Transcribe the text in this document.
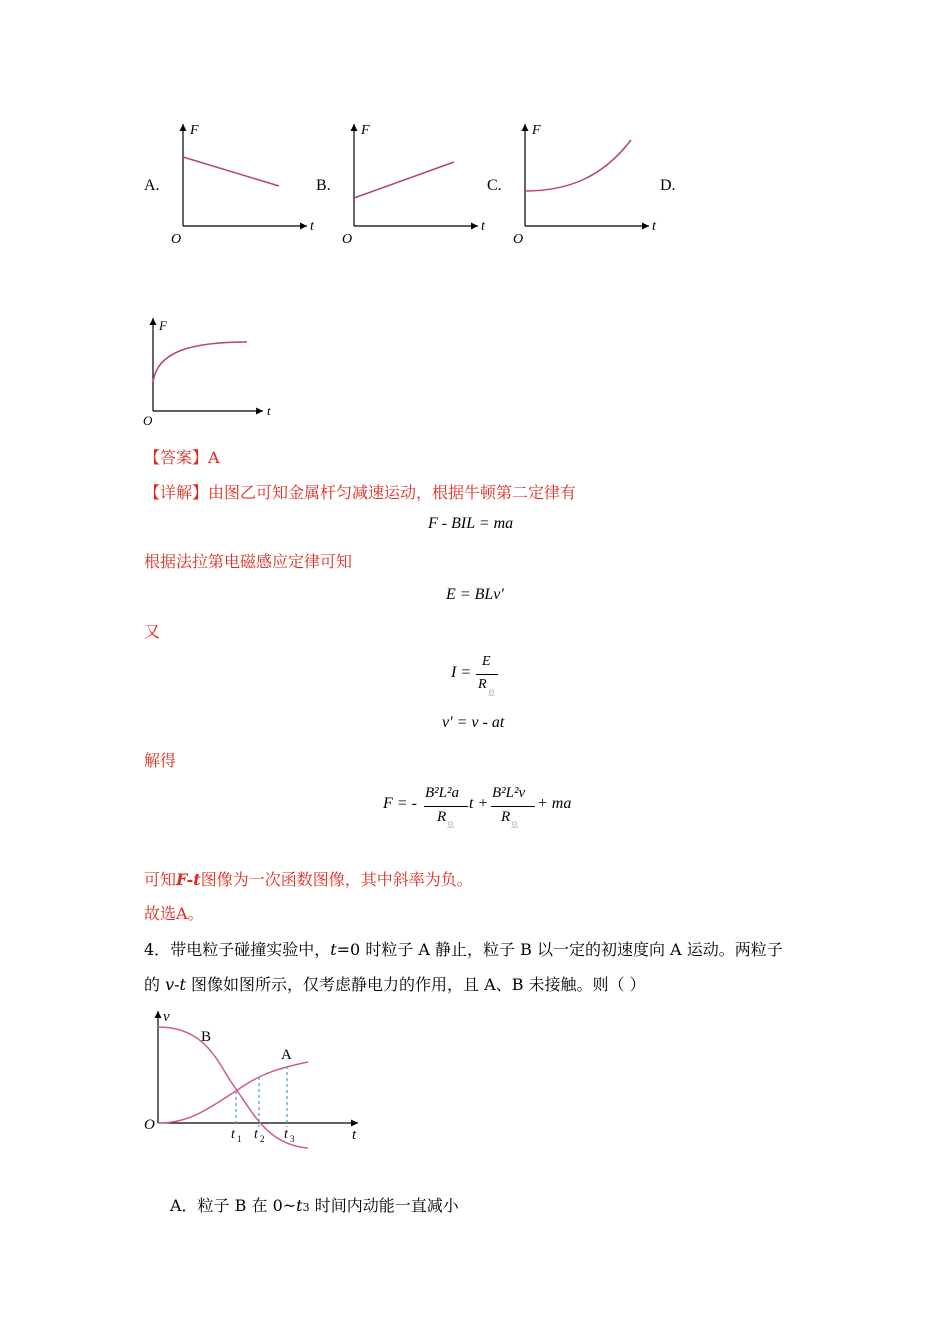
A.	B.	C.	D.
F
t
O
F
t
O
F
t
O
F
t
O
【答案】A
【详解】由图乙可知金属杆匀减速运动，根据牛顿第二定律有
F - BIL = ma
根据法拉第电磁感应定律可知
E = BLv′
又
I =
E
R
总
v′ = v - at
解得
F = -
B²L²a
R 总
t +
B²L²v
R 总
+ ma
可知F-t图像为一次函数图像，其中斜率为负。
故选A。
4．带电粒子碰撞实验中，t=0 时粒子 A 静止，粒子 B 以一定的初速度向 A 运动。两粒子
的 v-t 图像如图所示，仅考虑静电力的作用，且 A、B 未接触。则（ ）
v
t
O
B
A
t 1 t 2 t 3
A．粒子 B 在 0~t3 时间内动能一直减小
